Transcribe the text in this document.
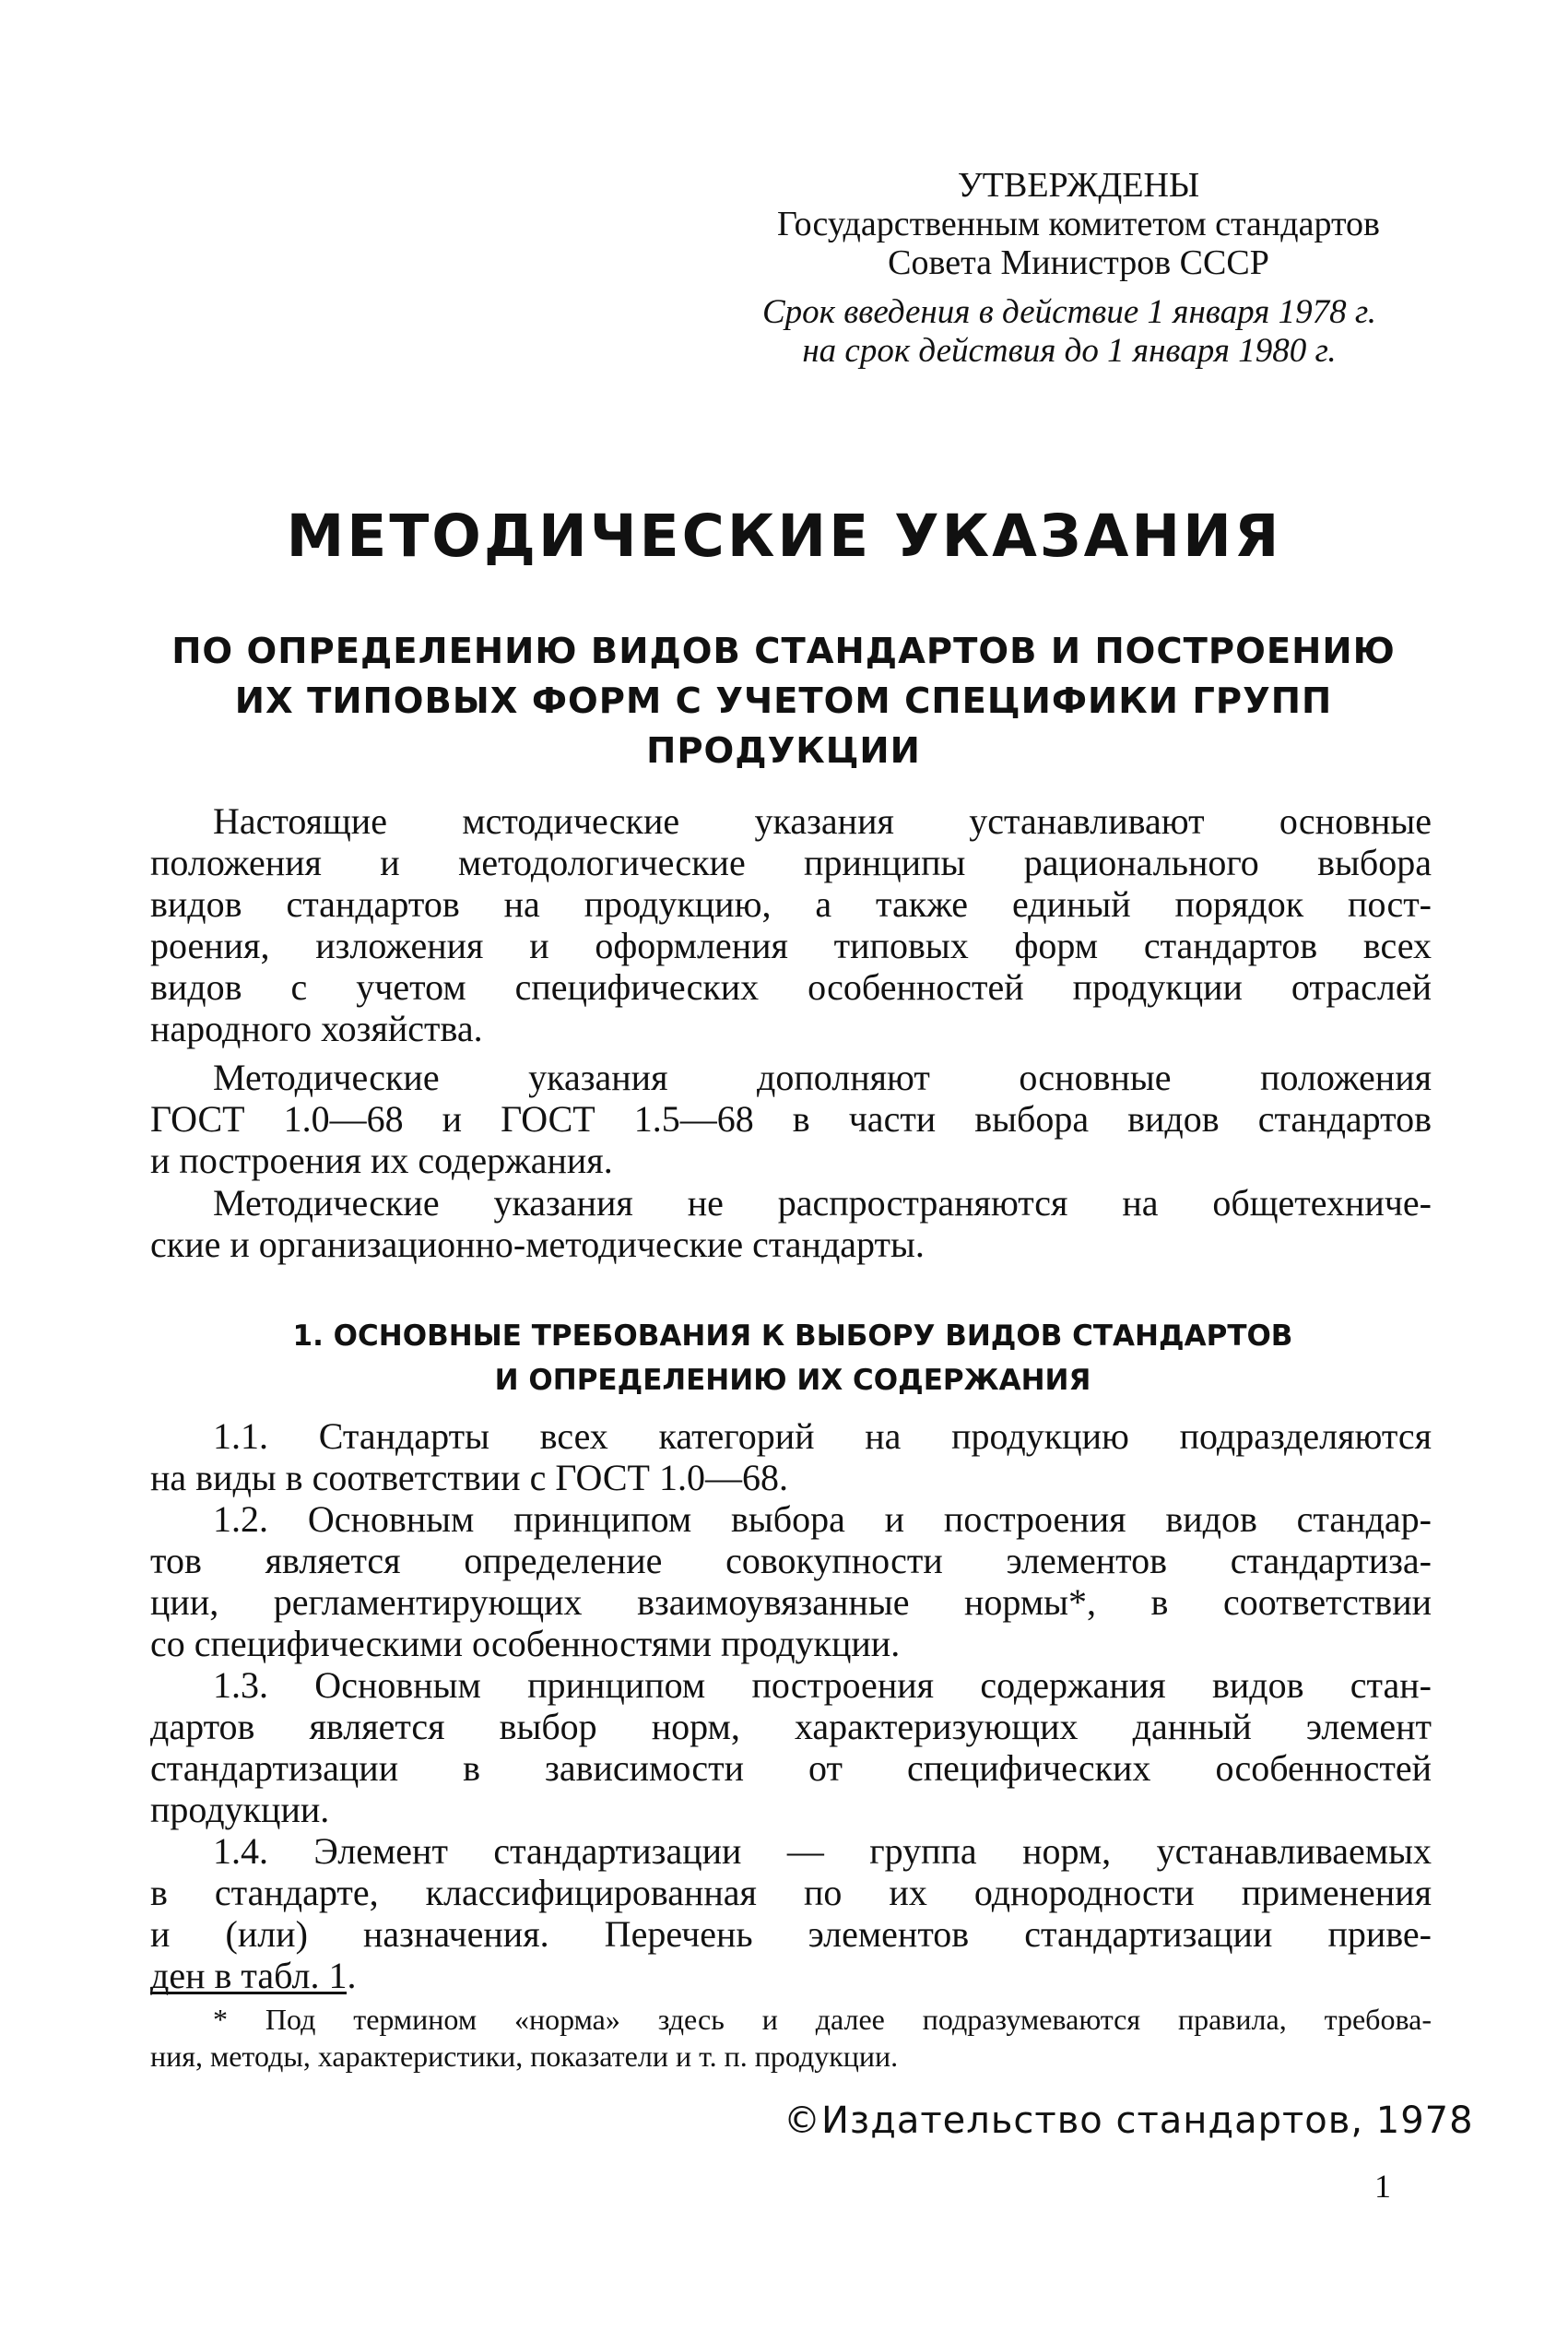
УТВЕРЖДЕНЫ
Государственным комитетом стандартов
Совета Министров СССР
Срок введения в действие 1 января 1978 г.
на срок действия до 1 января 1980 г.
МЕТОДИЧЕСКИЕ УКАЗАНИЯ
ПО ОПРЕДЕЛЕНИЮ ВИДОВ СТАНДАРТОВ И ПОСТРОЕНИЮ
ИХ ТИПОВЫХ ФОРМ С УЧЕТОМ СПЕЦИФИКИ ГРУПП
ПРОДУКЦИИ
Настоящие мстодические указания устанавливают основные
положения и методологические принципы рационального выбора
видов стандартов на продукцию, а также единый порядок пост-
роения, изложения и оформления типовых форм стандартов всех
видов с учетом специфических особенностей продукции отраслей
народного хозяйства.
Методические указания дополняют основные положения
ГОСТ 1.0—68 и ГОСТ 1.5—68 в части выбора видов стандартов
и построения их содержания.
Методические указания не распространяются на общетехниче-
ские и организационно-методические стандарты.
1. ОСНОВНЫЕ ТРЕБОВАНИЯ К ВЫБОРУ ВИДОВ СТАНДАРТОВ
И ОПРЕДЕЛЕНИЮ ИХ СОДЕРЖАНИЯ
1.1. Стандарты всех категорий на продукцию подразделяются
на виды в соответствии с ГОСТ 1.0—68.
1.2. Основным принципом выбора и построения видов стандар-
тов является определение совокупности элементов стандартиза-
ции, регламентирующих взаимоувязанные нормы*, в соответствии
со специфическими особенностями продукции.
1.3. Основным принципом построения содержания видов стан-
дартов является выбор норм, характеризующих данный элемент
стандартизации в зависимости от специфических особенностей
продукции.
1.4. Элемент стандартизации — группа норм, устанавливаемых
в стандарте, классифицированная по их однородности применения
и (или) назначения. Перечень элементов стандартизации приве-
ден в табл. 1.
* Под термином «норма» здесь и далее подразумеваются правила, требова-
ния, методы, характеристики, показатели и т. п. продукции.
©Издательство стандартов, 1978
1
